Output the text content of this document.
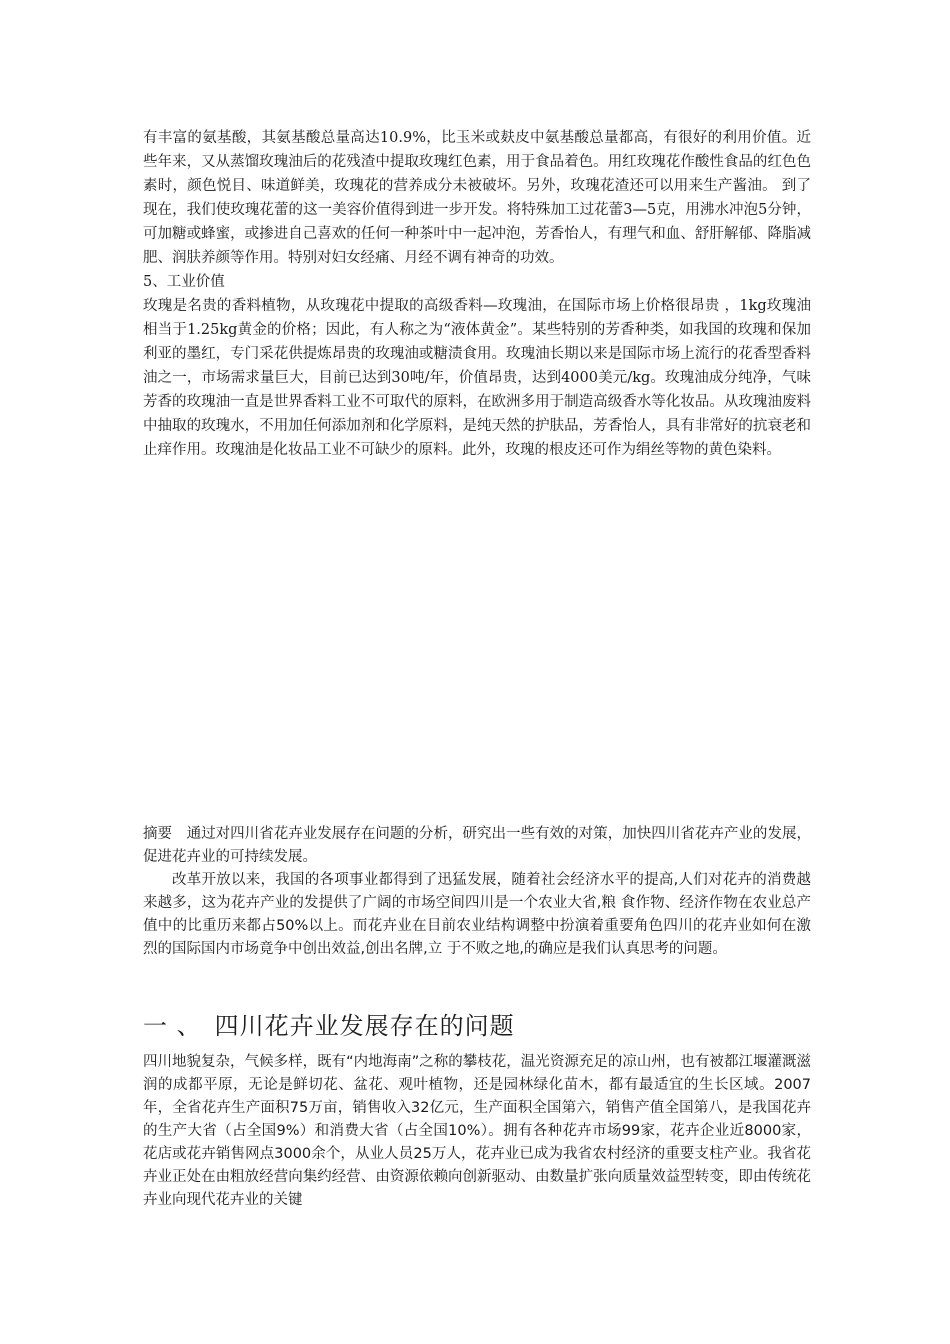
有丰富的氨基酸，其氨基酸总量高达10.9%，比玉米或麸皮中氨基酸总量都高，有很好的利用价值。近些年来，又从蒸馏玫瑰油后的花残渣中提取玫瑰红色素，用于食品着色。用红玫瑰花作酸性食品的红色色素时，颜色悦目、味道鲜美，玫瑰花的营养成分未被破坏。另外，玫瑰花渣还可以用来生产酱油。 到了现在，我们使玫瑰花蕾的这一美容价值得到进一步开发。将特殊加工过花蕾3—5克，用沸水冲泡5分钟，可加糖或蜂蜜，或掺进自己喜欢的任何一种茶叶中一起冲泡，芳香怡人，有理气和血、舒肝解郁、降脂减肥、润肤养颜等作用。特别对妇女经痛、月经不调有神奇的功效。

5、工业价值

玫瑰是名贵的香料植物，从玫瑰花中提取的高级香料—玫瑰油，在国际市场上价格很昂贵 ，1kg玫瑰油相当于1.25kg黄金的价格；因此，有人称之为“液体黄金”。某些特别的芳香种类，如我国的玫瑰和保加利亚的墨红，专门采花供提炼昂贵的玫瑰油或糖渍食用。玫瑰油长期以来是国际市场上流行的花香型香料油之一，市场需求量巨大，目前已达到30吨/年，价值昂贵，达到4000美元/kg。玫瑰油成分纯净，气味芳香的玫瑰油一直是世界香料工业不可取代的原料，在欧洲多用于制造高级香水等化妆品。从玫瑰油废料中抽取的玫瑰水，不用加任何添加剂和化学原料，是纯天然的护肤品，芳香怡人，具有非常好的抗衰老和止痒作用。玫瑰油是化妆品工业不可缺少的原料。此外，玫瑰的根皮还可作为绢丝等物的黄色染料。

摘要　通过对四川省花卉业发展存在问题的分析，研究出一些有效的对策，加快四川省花卉产业的发展，促进花卉业的可持续发展。

改革开放以来，我国的各项事业都得到了迅猛发展，随着社会经济水平的提高,人们对花卉的消费越来越多，这为花卉产业的发提供了广阔的市场空间四川是一个农业大省,粮 食作物、经济作物在农业总产值中的比重历来都占50%以上。而花卉业在目前农业结构调整中扮演着重要角色四川的花卉业如何在激烈的国际国内市场竟争中创出效益,创出名牌,立 于不败之地,的确应是我们认真思考的问题。

一 、　四川花卉业发展存在的问题

四川地貌复杂，气候多样，既有“内地海南”之称的攀枝花，温光资源充足的凉山州，也有被都江堰灌溉滋润的成都平原，无论是鲜切花、盆花、观叶植物，还是园林绿化苗木，都有最适宜的生长区域。2007年，全省花卉生产面积75万亩，销售收入32亿元，生产面积全国第六，销售产值全国第八，是我国花卉的生产大省（占全国9%）和消费大省（占全国10%）。拥有各种花卉市场99家，花卉企业近8000家，花店或花卉销售网点3000余个，从业人员25万人，花卉业已成为我省农村经济的重要支柱产业。我省花卉业正处在由粗放经营向集约经营、由资源依赖向创新驱动、由数量扩张向质量效益型转变，即由传统花卉业向现代花卉业的关键
